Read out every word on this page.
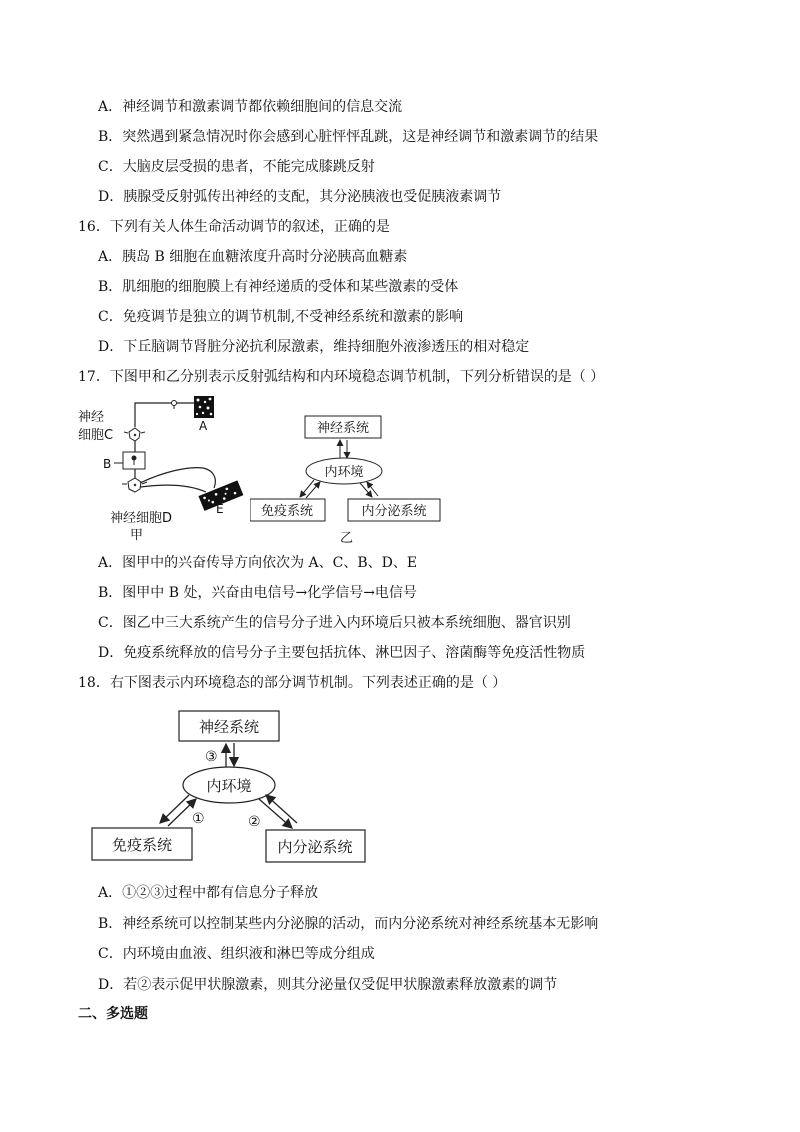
A．神经调节和激素调节都依赖细胞间的信息交流
B．突然遇到紧急情况时你会感到心脏怦怦乱跳，这是神经调节和激素调节的结果
C．大脑皮层受损的患者，不能完成膝跳反射
D．胰腺受反射弧传出神经的支配，其分泌胰液也受促胰液素调节
16．下列有关人体生命活动调节的叙述，正确的是
A．胰岛 B 细胞在血糖浓度升高时分泌胰高血糖素
B．肌细胞的细胞膜上有神经递质的受体和某些激素的受体
C．免疫调节是独立的调节机制,不受神经系统和激素的影响
D．下丘脑调节肾脏分泌抗利尿激素，维持细胞外液渗透压的相对稳定
17．下图甲和乙分别表示反射弧结构和内环境稳态调节机制，下列分析错误的是（ ）
A
神经
细胞C
B
E
神经细胞D
甲
神经系统
内环境
免疫系统	内分泌系统
乙
A．图甲中的兴奋传导方向依次为 A、C、B、D、E
B．图甲中 B 处，兴奋由电信号→化学信号→电信号
C．图乙中三大系统产生的信号分子进入内环境后只被本系统细胞、器官识别
D．免疫系统释放的信号分子主要包括抗体、淋巴因子、溶菌酶等免疫活性物质
18．右下图表示内环境稳态的部分调节机制。下列表述正确的是（ ）
神经系统
③
内环境
①	②
免疫系统	内分泌系统
A．①②③过程中都有信息分子释放
B．神经系统可以控制某些内分泌腺的活动，而内分泌系统对神经系统基本无影响
C．内环境由血液、组织液和淋巴等成分组成
D．若②表示促甲状腺激素，则其分泌量仅受促甲状腺激素释放激素的调节
二、多选题
